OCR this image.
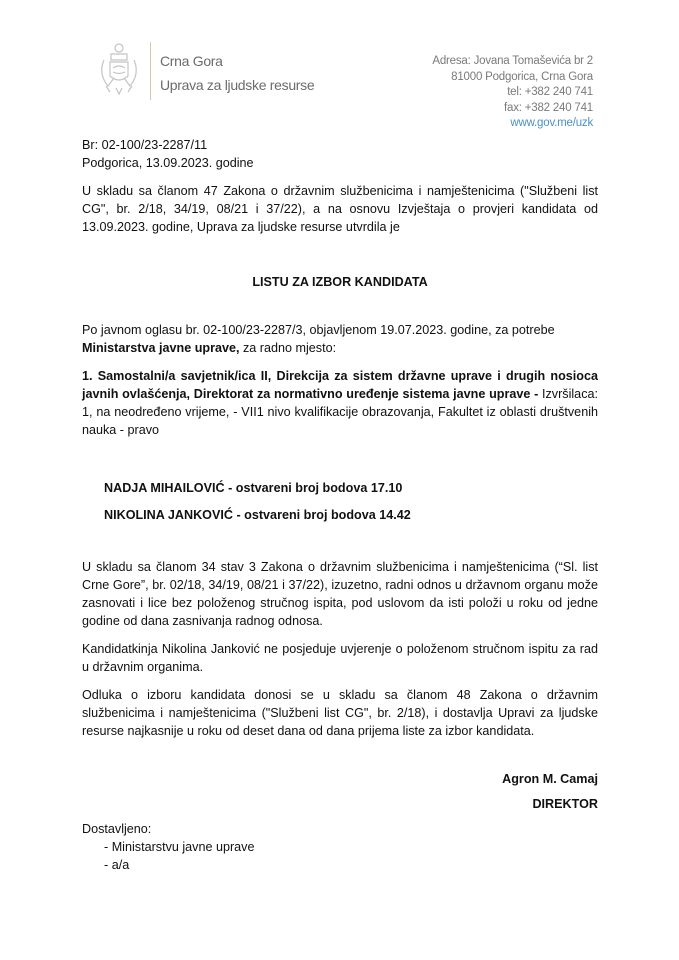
Crna Gora
Uprava za ljudske resurse
Adresa: Jovana Tomaševića br 2
81000 Podgorica, Crna Gora
tel: +382 240 741
fax: +382 240 741
www.gov.me/uzk
Br: 02-100/23-2287/11
Podgorica, 13.09.2023. godine

U skladu sa članom 47 Zakona o državnim službenicima i namještenicima ("Službeni list CG", br. 2/18, 34/19, 08/21 i 37/22), a na osnovu Izvještaja o provjeri kandidata od 13.09.2023. godine, Uprava za ljudske resurse utvrdila je

LISTU ZA IZBOR KANDIDATA

Po javnom oglasu br. 02-100/23-2287/3, objavljenom 19.07.2023. godine, za potrebe
Ministarstva javne uprave, za radno mjesto:

1. Samostalni/a savjetnik/ica II, Direkcija za sistem državne uprave i drugih nosioca javnih ovlašćenja, Direktorat za normativno uređenje sistema javne uprave - Izvršilaca: 1, na neodređeno vrijeme, - VII1 nivo kvalifikacije obrazovanja, Fakultet iz oblasti društvenih nauka - pravo

NADJA MIHAILOVIĆ - ostvareni broj bodova 17.10
NIKOLINA JANKOVIĆ - ostvareni broj bodova 14.42

U skladu sa članom 34 stav 3 Zakona o državnim službenicima i namještenicima (“Sl. list Crne Gore”, br. 02/18, 34/19, 08/21 i 37/22), izuzetno, radni odnos u državnom organu može zasnovati i lice bez položenog stručnog ispita, pod uslovom da isti položi u roku od jedne godine od dana zasnivanja radnog odnosa.

Kandidatkinja Nikolina Janković ne posjeduje uvjerenje o položenom stručnom ispitu za rad u državnim organima.

Odluka o izboru kandidata donosi se u skladu sa članom 48 Zakona o državnim službenicima i namještenicima ("Službeni list CG", br. 2/18), i dostavlja Upravi za ljudske resurse najkasnije u roku od deset dana od dana prijema liste za izbor kandidata.

Agron M. Camaj
DIREKTOR
Dostavljeno:
- Ministarstvu javne uprave
- a/a
